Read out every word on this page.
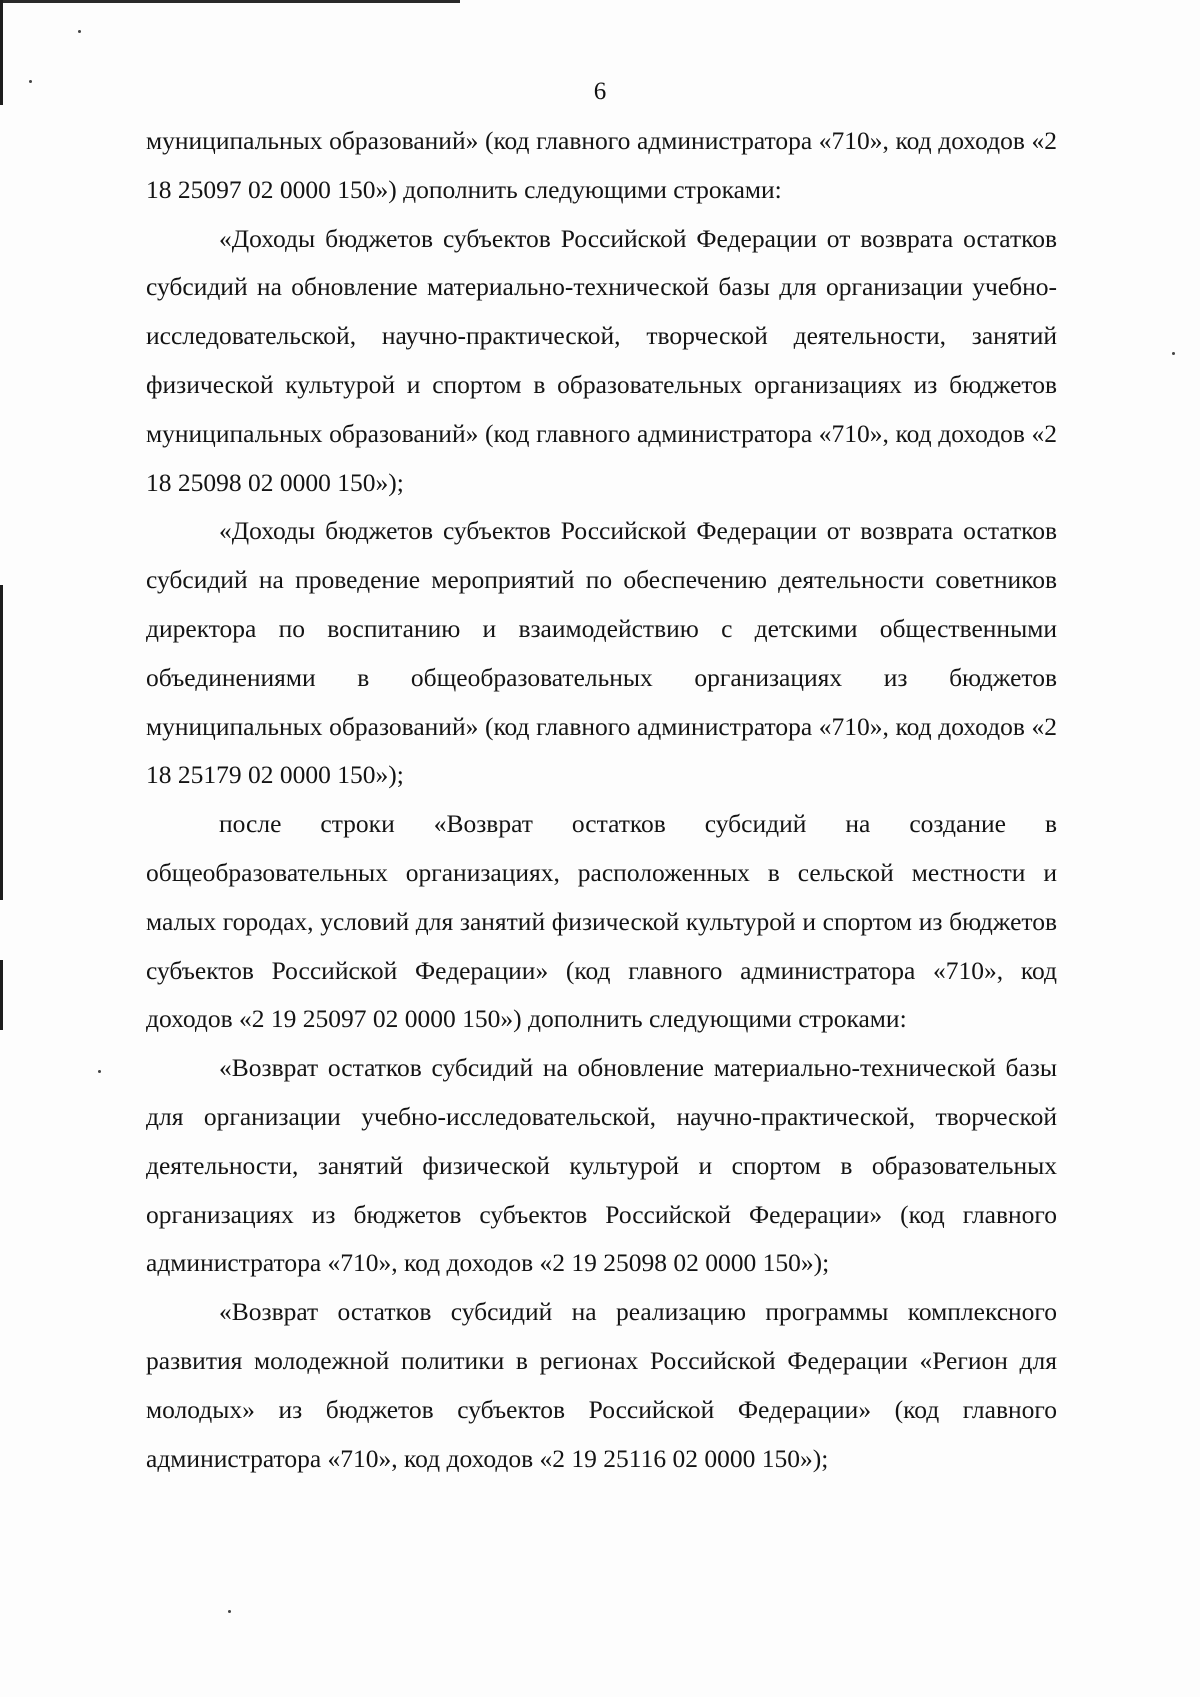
6

муниципальных образований» (код главного администратора «710», код доходов «2 18 25097 02 0000 150») дополнить следующими строками:

«Доходы бюджетов субъектов Российской Федерации от возврата остатков субсидий на обновление материально-технической базы для организации учебно-исследовательской, научно-практической, творческой деятельности, занятий физической культурой и спортом в образовательных организациях из бюджетов муниципальных образований» (код главного администратора «710», код доходов «2 18 25098 02 0000 150»);

«Доходы бюджетов субъектов Российской Федерации от возврата остатков субсидий на проведение мероприятий по обеспечению деятельности советников директора по воспитанию и взаимодействию с детскими общественными объединениями в общеобразовательных организациях из бюджетов муниципальных образований» (код главного администратора «710», код доходов «2 18 25179 02 0000 150»);

после строки «Возврат остатков субсидий на создание в общеобразовательных организациях, расположенных в сельской местности и малых городах, условий для занятий физической культурой и спортом из бюджетов субъектов Российской Федерации» (код главного администратора «710», код доходов «2 19 25097 02 0000 150») дополнить следующими строками:

«Возврат остатков субсидий на обновление материально-технической базы для организации учебно-исследовательской, научно-практической, творческой деятельности, занятий физической культурой и спортом в образовательных организациях из бюджетов субъектов Российской Федерации» (код главного администратора «710», код доходов «2 19 25098 02 0000 150»);

«Возврат остатков субсидий на реализацию программы комплексного развития молодежной политики в регионах Российской Федерации «Регион для молодых» из бюджетов субъектов Российской Федерации» (код главного администратора «710», код доходов «2 19 25116 02 0000 150»);
